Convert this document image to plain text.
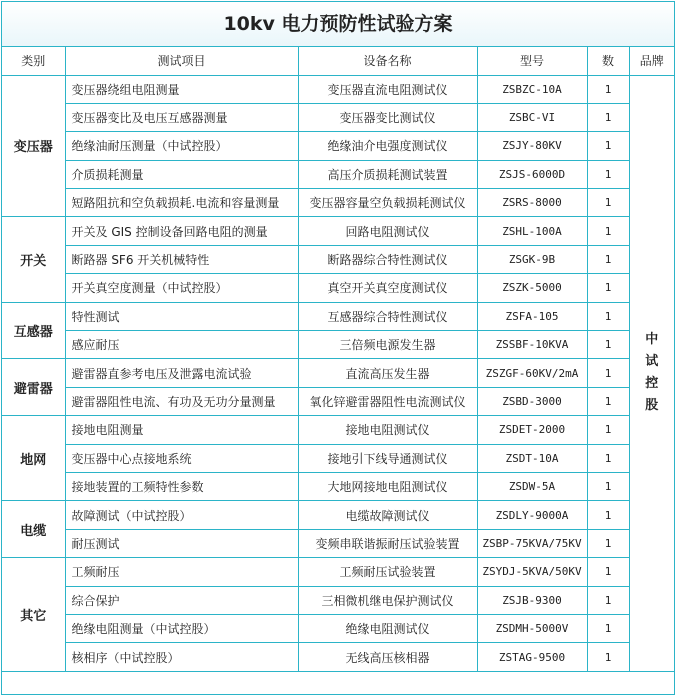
10kv 电力预防性试验方案
类别	测试项目	设备名称	型号	数	品牌
变压器	变压器绕组电阻测量	变压器直流电阻测试仪	ZSBZC-10A	1	中试控股
	变压器变比及电压互感器测量	变压器变比测试仪	ZSBC-VI	1	
	绝缘油耐压测量（中试控股）	绝缘油介电强度测试仪	ZSJY-80KV	1	
	介质损耗测量	高压介质损耗测试装置	ZSJS-6000D	1	
	短路阻抗和空负载损耗.电流和容量测量	变压器容量空负载损耗测试仪	ZSRS-8000	1	
开关	开关及 GIS 控制设备回路电阻的测量	回路电阻测试仪	ZSHL-100A	1	
	断路器 SF6 开关机械特性	断路器综合特性测试仪	ZSGK-9B	1	
	开关真空度测量（中试控股）	真空开关真空度测试仪	ZSZK-5000	1	
互感器	特性测试	互感器综合特性测试仪	ZSFA-105	1	
	感应耐压	三倍频电源发生器	ZSSBF-10KVA	1	
避雷器	避雷器直参考电压及泄露电流试验	直流高压发生器	ZSZGF-60KV/2mA	1	
	避雷器阻性电流、有功及无功分量测量	氧化锌避雷器阻性电流测试仪	ZSBD-3000	1	
地网	接地电阻测量	接地电阻测试仪	ZSDET-2000	1	
	变压器中心点接地系统	接地引下线导通测试仪	ZSDT-10A	1	
	接地装置的工频特性参数	大地网接地电阻测试仪	ZSDW-5A	1	
电缆	故障测试（中试控股）	电缆故障测试仪	ZSDLY-9000A	1	
	耐压测试	变频串联谐振耐压试验装置	ZSBP-75KVA/75KV	1	
其它	工频耐压	工频耐压试验装置	ZSYDJ-5KVA/50KV	1	
	综合保护	三相微机继电保护测试仪	ZSJB-9300	1	
	绝缘电阻测量（中试控股）	绝缘电阻测试仪	ZSDMH-5000V	1	
	核相序（中试控股）	无线高压核相器	ZSTAG-9500	1	
